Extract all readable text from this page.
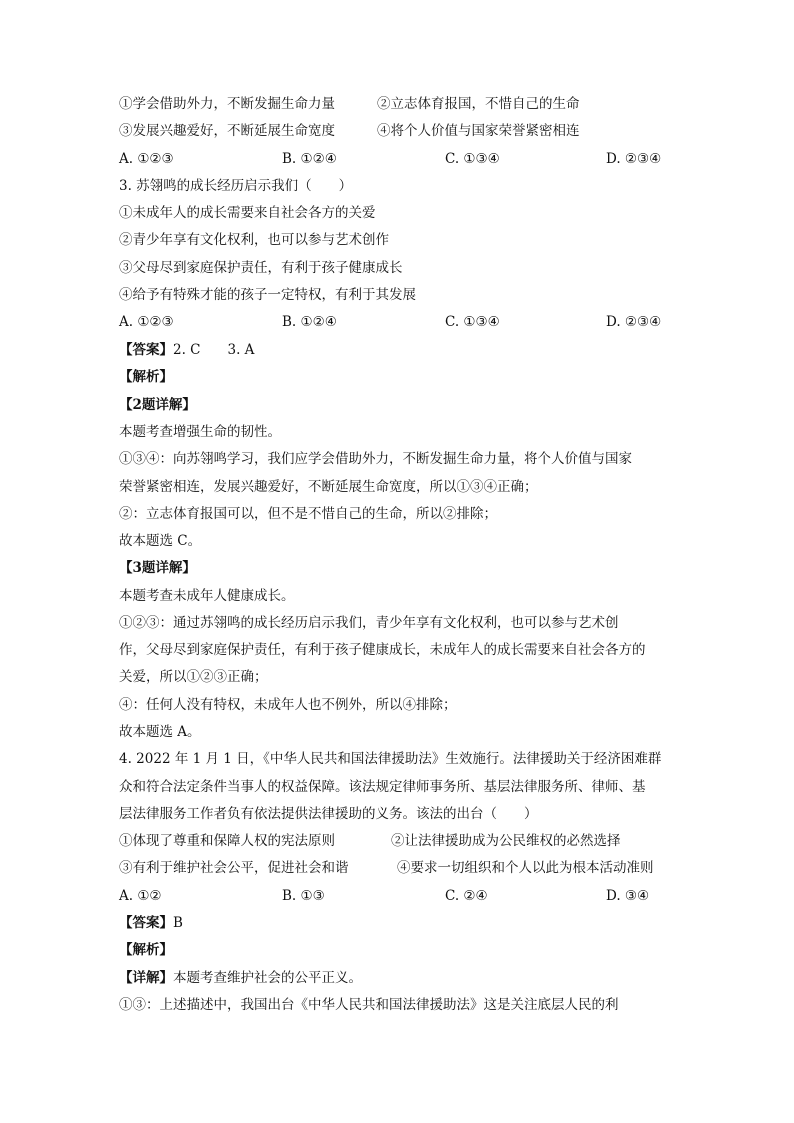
①学会借助外力，不断发掘生命力量	②立志体育报国，不惜自己的生命
③发展兴趣爱好，不断延展生命宽度	④将个人价值与国家荣誉紧密相连
A. ①②③	B. ①②④	C. ①③④	D. ②③④
3. 苏翎鸣的成长经历启示我们（　　）
①未成年人的成长需要来自社会各方的关爱
②青少年享有文化权利，也可以参与艺术创作
③父母尽到家庭保护责任，有利于孩子健康成长
④给予有特殊才能的孩子一定特权，有利于其发展
A. ①②③	B. ①②④	C. ①③④	D. ②③④
【答案】2. C　　3. A
【解析】
【2题详解】
本题考查增强生命的韧性。
①③④：向苏翎鸣学习，我们应学会借助外力，不断发掘生命力量，将个人价值与国家
荣誉紧密相连，发展兴趣爱好，不断延展生命宽度，所以①③④正确；
②：立志体育报国可以，但不是不惜自己的生命，所以②排除；
故本题选 C。
【3题详解】
本题考查未成年人健康成长。
①②③：通过苏翎鸣的成长经历启示我们，青少年享有文化权利，也可以参与艺术创
作，父母尽到家庭保护责任，有利于孩子健康成长，未成年人的成长需要来自社会各方的
关爱，所以①②③正确；
④：任何人没有特权，未成年人也不例外，所以④排除；
故本题选 A。
4. 2022 年 1 月 1 日，《中华人民共和国法律援助法》生效施行。法律援助关于经济困难群
众和符合法定条件当事人的权益保障。该法规定律师事务所、基层法律服务所、律师、基
层法律服务工作者负有依法提供法律援助的义务。该法的出台（　　）
①体现了尊重和保障人权的宪法原则	②让法律援助成为公民维权的必然选择
③有利于维护社会公平，促进社会和谐	④要求一切组织和个人以此为根本活动准则
A. ①②	B. ①③	C. ②④	D. ③④
【答案】B
【解析】
【详解】本题考查维护社会的公平正义。
①③：上述描述中，我国出台《中华人民共和国法律援助法》这是关注底层人民的利
